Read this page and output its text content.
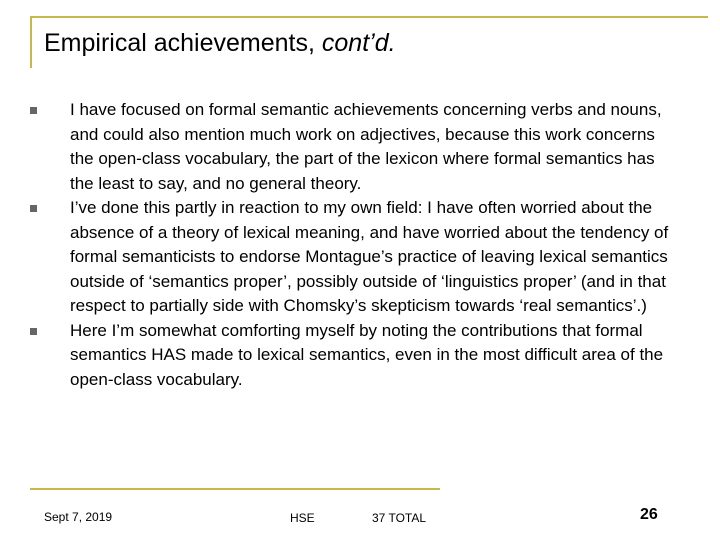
Empirical achievements, cont’d.
I have focused on formal semantic achievements concerning verbs and nouns, and could also mention much work on adjectives, because this work concerns the open-class vocabulary, the part of the lexicon where formal semantics has the least to say, and no general theory.
I’ve done this partly in reaction to my own field: I have often worried about the absence of a theory of lexical meaning, and have worried about the tendency of formal semanticists to endorse Montague’s practice of leaving lexical semantics outside of ‘semantics proper’, possibly outside of ‘linguistics proper’ (and in that respect to partially side with Chomsky’s skepticism towards ‘real semantics’.)
Here I’m somewhat comforting myself by noting the contributions that formal semantics HAS made to lexical semantics, even in the most difficult area of the open-class vocabulary.
Sept 7, 2019	HSE	37 TOTAL	26
